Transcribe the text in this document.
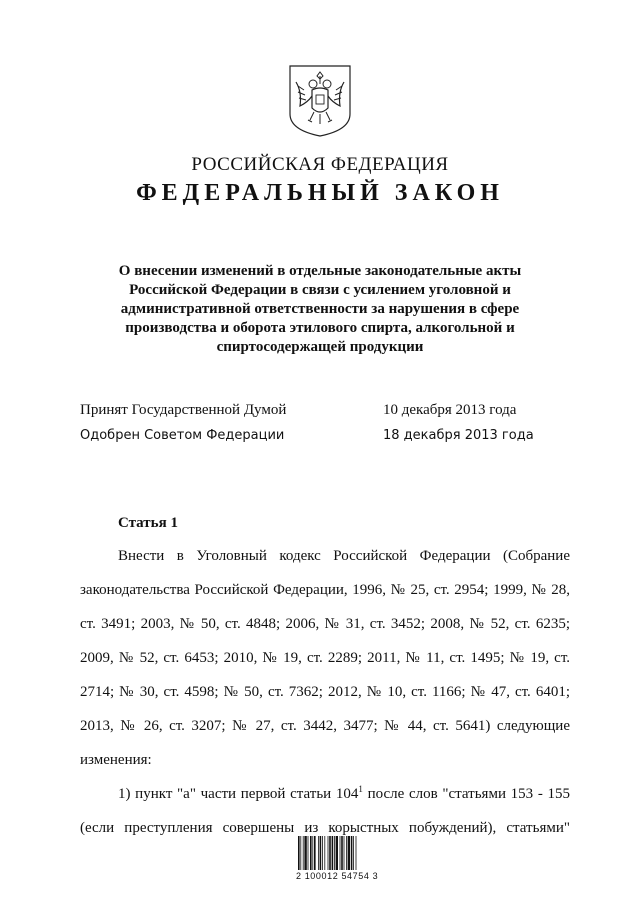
РОССИЙСКАЯ ФЕДЕРАЦИЯ
ФЕДЕРАЛЬНЫЙ ЗАКОН
О внесении изменений в отдельные законодательные акты
Российской Федерации в связи с усилением уголовной и
административной ответственности за нарушения в сфере
производства и оборота этилового спирта, алкогольной и
спиртосодержащей продукции
Принят Государственной Думой	10 декабря 2013 года
Одобрен Советом Федерации	18 декабря 2013 года
Статья 1

Внести в Уголовный кодекс Российской Федерации (Собрание законодательства Российской Федерации, 1996, № 25, ст. 2954; 1999, № 28, ст. 3491; 2003, № 50, ст. 4848; 2006, № 31, ст. 3452; 2008, № 52, ст. 6235; 2009, № 52, ст. 6453; 2010, № 19, ст. 2289; 2011, № 11, ст. 1495; № 19, ст. 2714; № 30, ст. 4598; № 50, ст. 7362; 2012, № 10, ст. 1166; № 47, ст. 6401; 2013, № 26, ст. 3207; № 27, ст. 3442, 3477; № 44, ст. 5641) следующие изменения:

1) пункт "а" части первой статьи $104^1$ после слов "статьями 153 - 155 (если преступления совершены из корыстных побуждений), статьями"

2 100012 54754 3
